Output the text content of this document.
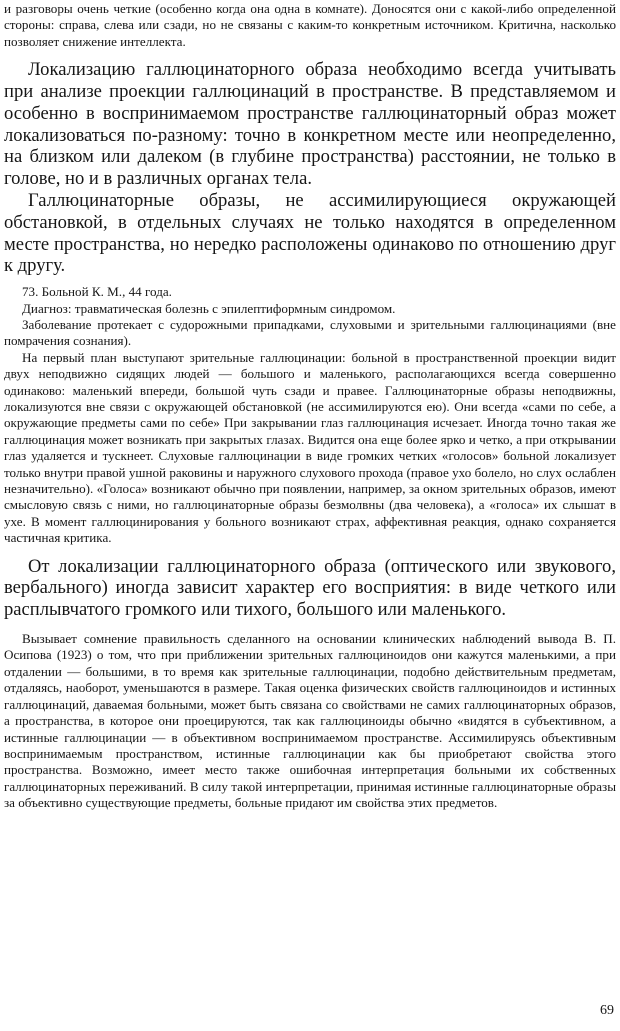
и разговоры очень четкие (особенно когда она одна в комнате). Доносятся они с какой-либо определенной стороны: справа, слева или сзади, но не связаны с каким-то конкретным источником. Критична, насколько позволяет снижение интеллекта.

Локализацию галлюцинаторного образа необходимо всегда учитывать при анализе проекции галлюцинаций в пространстве. В представляемом и особенно в воспринимаемом пространстве галлюцинаторный образ может локализоваться по-разному: точно в конкретном месте или неопределенно, на близком или далеком (в глубине пространства) расстоянии, не только в голове, но и в различных органах тела.

Галлюцинаторные образы, не ассимилирующиеся окружающей обстановкой, в отдельных случаях не только находятся в определенном месте пространства, но нередко расположены одинаково по отношению друг к другу.

73. Больной К. М., 44 года.

Диагноз: травматическая болезнь с эпилептиформным синдромом.

Заболевание протекает с судорожными припадками, слуховыми и зрительными галлюцинациями (вне помрачения сознания).

На первый план выступают зрительные галлюцинации: больной в пространственной проекции видит двух неподвижно сидящих людей — большого и маленького, располагающихся всегда совершенно одинаково: маленький впереди, большой чуть сзади и правее. Галлюцинаторные образы неподвижны, локализуются вне связи с окружающей обстановкой (не ассимилируются ею). Они всегда «сами по себе, а окружающие предметы сами по себе» При закрывании глаз галлюцинация исчезает. Иногда точно такая же галлюцинация может возникать при закрытых глазах. Видится она еще более ярко и четко, а при открывании глаз удаляется и тускнеет. Слуховые галлюцинации в виде громких четких «голосов» больной локализует только внутри правой ушной раковины и наружного слухового прохода (правое ухо болело, но слух ослаблен незначительно). «Голоса» возникают обычно при появлении, например, за окном зрительных образов, имеют смысловую связь с ними, но галлюцинаторные образы безмолвны (два человека), а «голоса» их слышат в ухе. В момент галлюцинирования у больного возникают страх, аффективная реакция, однако сохраняется частичная критика.

От локализации галлюцинаторного образа (оптического или звукового, вербального) иногда зависит характер его восприятия: в виде четкого или расплывчатого громкого или тихого, большого или маленького.

Вызывает сомнение правильность сделанного на основании клинических наблюдений вывода В. П. Осипова (1923) о том, что при приближении зрительных галлюциноидов они кажутся маленькими, а при отдалении — большими, в то время как зрительные галлюцинации, подобно действительным предметам, отдаляясь, наоборот, уменьшаются в размере. Такая оценка физических свойств галлюциноидов и истинных галлюцинаций, даваемая больными, может быть связана со свойствами не самих галлюцинаторных образов, а пространства, в которое они проецируются, так как галлюциноиды обычно «видятся в субъективном, а истинные галлюцинации — в объективном воспринимаемом пространстве. Ассимилируясь объективным воспринимаемым пространством, истинные галлюцинации как бы приобретают свойства этого пространства. Возможно, имеет место также ошибочная интерпретация больными их собственных галлюцинаторных переживаний. В силу такой интерпретации, принимая истинные галлюцинаторные образы за объективно существующие предметы, больные придают им свойства этих предметов.

69
